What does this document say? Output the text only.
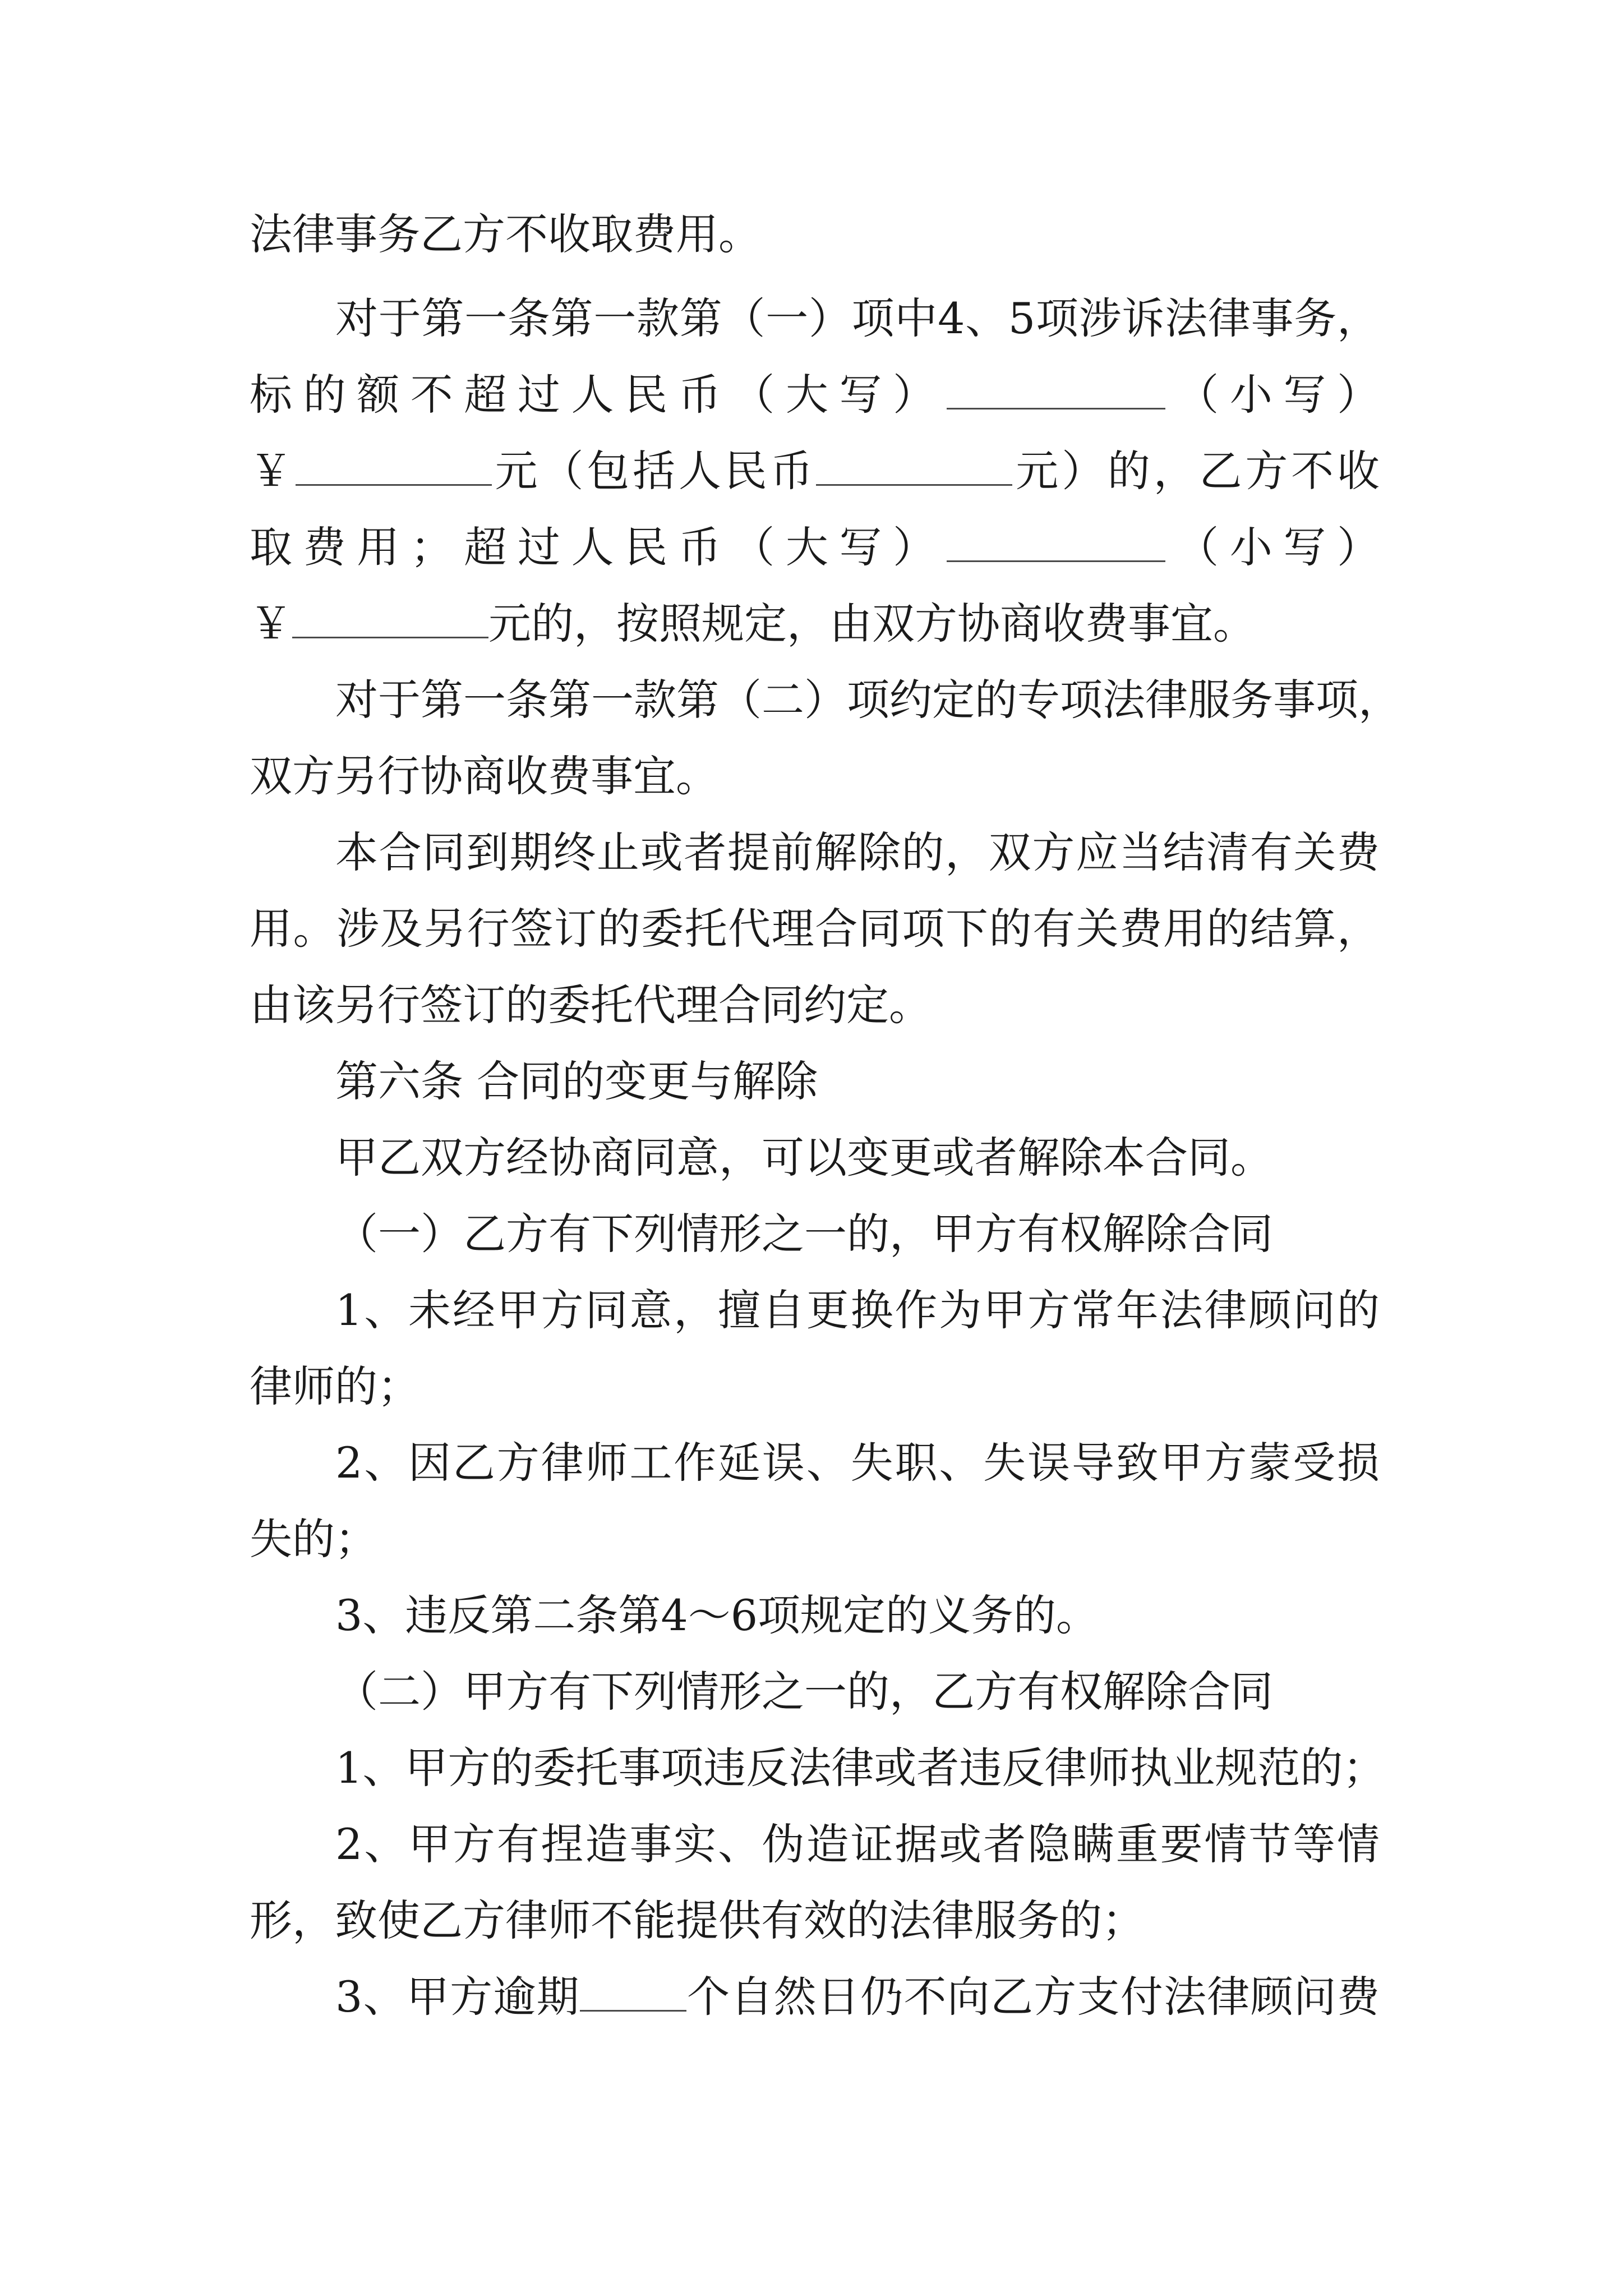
法律事务乙方不收取费用。
对于第一条第一款第（一）项中4、5项涉诉法律事务，
标的额不超过人民币（大写）	（小写）
￥	元（包括人民币	元）的，乙方不收
取费用；超过人民币（大写）	（小写）
￥	元的，按照规定，由双方协商收费事宜。
对于第一条第一款第（二）项约定的专项法律服务事项，
双方另行协商收费事宜。
本合同到期终止或者提前解除的，双方应当结清有关费
用。涉及另行签订的委托代理合同项下的有关费用的结算，
由该另行签订的委托代理合同约定。
第六条 合同的变更与解除
甲乙双方经协商同意，可以变更或者解除本合同。
（一）乙方有下列情形之一的，甲方有权解除合同
1、未经甲方同意，擅自更换作为甲方常年法律顾问的
律师的；
2、因乙方律师工作延误、失职、失误导致甲方蒙受损
失的；
3、违反第二条第4～6项规定的义务的。
（二）甲方有下列情形之一的，乙方有权解除合同
1、甲方的委托事项违反法律或者违反律师执业规范的；
2、甲方有捏造事实、伪造证据或者隐瞒重要情节等情
形，致使乙方律师不能提供有效的法律服务的；
3、甲方逾期	个自然日仍不向乙方支付法律顾问费
